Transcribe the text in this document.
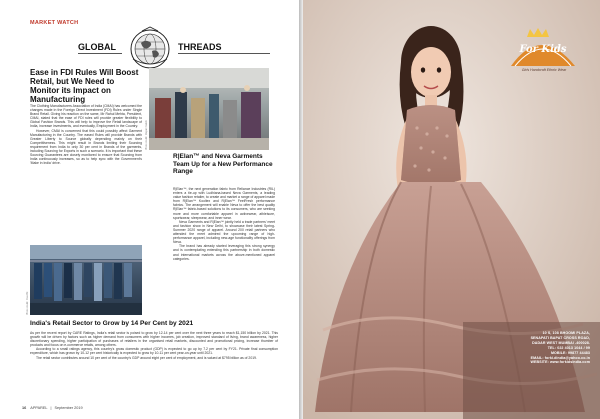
MARKET WATCH
GLOBAL	THREADS
Ease in FDI Rules Will Boost Retail, but We Need to Monitor its Impact on Manufacturing

The Clothing Manufacturers Association of India (CMAI) has welcomed the changes made in the Foreign Direct Investment (FDI) Rules under Single Brand Retail. Giving his reaction on the same, Mr Rahul Mehta, President, CMAI, stated that the ease of FDI rules will provide greater flexibility to Global Fashion Brands. This will help to improve the Retail landscape of India, increase investments, and eventually, Employment in the Country.

However, CMAI is concerned that this could possibly affect Garment Manufacturing in the Country. The eased Rules will provide Brands with Greater Liberty to Source globally depending mainly on their Competitiveness. This might result in Brands limiting their Sourcing requirement from India to only 30 per cent in Brands of the garments, including Sourcing for Exports in such a scenario. It is important that these Sourcing Guarantees are closely monitored to ensure that Sourcing from India continuously increases, so as to help sync with the Government's 'Make in India' drive.

Photo credit: Rayan Daksh
R|Elan™ and Neva Garments Team Up for a New Performance Range

R|Elan™, the next generation fabric from Reliance Industries (RIL) enters a tie-up with Ludhiana-based Neva Garments, a leading value fashion retailer, to create and market a range of apparel made from R|Elan™ Kooltex and R|Elan™ FeelFresh performance fabrics. The arrangement will enable Neva to offer the best quality R|Elan™ fabric-based solutions to its consumers, who are seeking more and more comfortable apparel in activewear, athleisure, sportswear, sleepwear, and inner wear.

Neva Garments and R|Elan™ jointly held a trade partners' meet and fashion show in New Delhi, to showcase their latest Spring-Summer 2020 range of apparel. Around 200 retail partners who attended the meet admired the upcoming range of high-performance apparel, including new-age functionality offerings from Neva.

The brand has already started leveraging this strong synergy and is contemplating extending this partnership in both domestic and international markets across the above-mentioned apparel categories.

Photo credit: FreePik
India's Retail Sector to Grow by 14 Per Cent by 2021

As per the recent report by CARE Ratings, India's retail sector is poised to grow by 12-14 per cent over the next three years to reach $1,150 billion by 2021. This growth will be driven by factors such as higher demand from consumers with higher incomes, job creation, improved standard of living, brand awareness, higher discretionary spending, higher participation of purchases of retailers in the organised retail markets, discounted and promotional pricing, increase thumber of products and focus on e-commerce retails, among others.

According to a small ratings agency, this country's gross domestic product (GDP) is expected to go up by 7.2 per cent by FY21. Private final consumption expenditure, which has grown by 10-12 per cent historically is expected to grow by 10-11 per cent year-on-year until 2021.

The retail sector contributes around 10 per cent of the country's GDP around eight per cent of employment, and is valued at $795 billion as of 2019.

16 APPAREL | September 2019
For Kids
Girls Handcraft Ethnic Wear
10 S, 108 BHOOMI PLAZA,
SENAPATI BAPAT CROSS ROAD,
DADAR WEST MUMBAI -400028.
TEL: 022 4013 1044 / 99
MOBILE: 99877 44483
EMAIL: forki.dindia@yahoo.co.in
WEBSITE: www.forkidsindia.com
